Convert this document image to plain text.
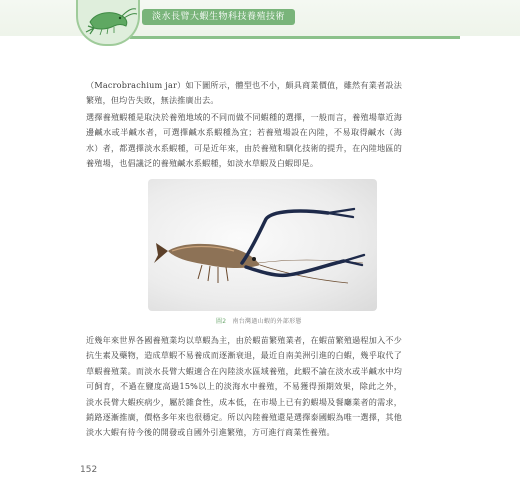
淡水長臂大蝦生物科技養殖技術

（Macrobrachium jar）如下圖所示，體型也不小，頗具商業價值，雖然有業者設法繁殖，但均告失敗，無法推廣出去。

選擇養殖蝦種是取決於養殖地域的不同而做不同蝦種的選擇，一般而言，養殖場靠近海邊鹹水或半鹹水者，可選擇鹹水系蝦種為宜；若養殖場設在內陸，不易取得鹹水（海水）者，都選擇淡水系蝦種，可是近年來，由於養殖和馴化技術的提升，在內陸地區的養殖場，也倡議泛的養殖鹹水系蝦種，如淡水草蝦及白蝦即是。

圖2 南台灣過山蝦的外部形態

近幾年來世界各國養殖業均以草蝦為主，由於蝦苗繁殖業者，在蝦苗繁殖過程加入不少抗生素及藥物，造成草蝦不易養成而逐漸衰退，最近自南美洲引進的白蝦，幾乎取代了草蝦養殖業。而淡水長臂大蝦適合在內陸淡水區域養殖，此蝦不論在淡水或半鹹水中均可飼育，不過在鹽度高過15%以上的淡海水中養殖，不易獲得預期效果，除此之外，淡水長臂大蝦疾病少，屬於雜食性，成本低，在市場上已有釣蝦場及餐廳業者的需求，銷路逐漸推廣，價格多年來也很穩定。所以內陸養殖還是選擇泰國蝦為唯一選擇，其他淡水大蝦有待今後的開發或自國外引進繁殖，方可進行商業性養殖。

152
